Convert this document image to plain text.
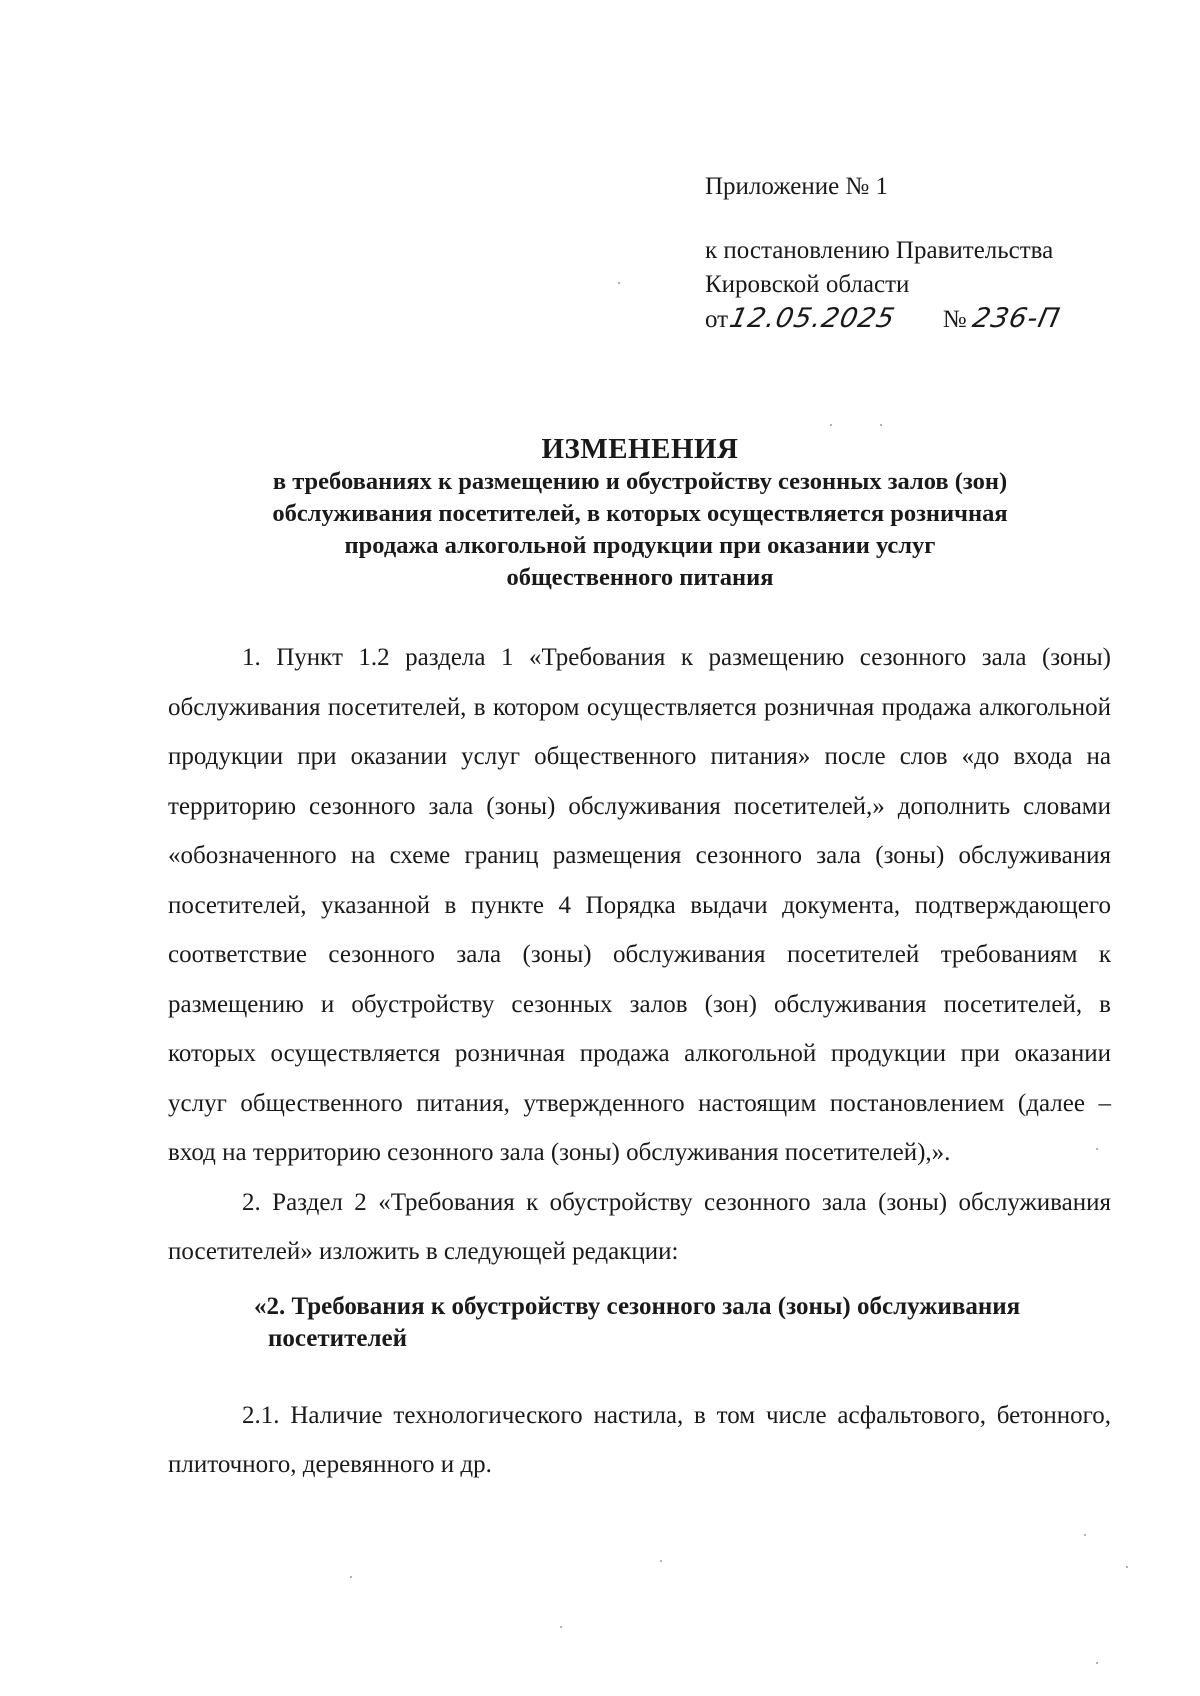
Приложение № 1
к постановлению Правительства
Кировской области
от12.05.2025 № 236-П
ИЗМЕНЕНИЯ
в требованиях к размещению и обустройству сезонных залов (зон)
обслуживания посетителей, в которых осуществляется розничная
продажа алкогольной продукции при оказании услуг
общественного питания

1. Пункт 1.2 раздела 1 «Требования к размещению сезонного зала (зоны) обслуживания посетителей, в котором осуществляется розничная продажа алкогольной продукции при оказании услуг общественного питания» после слов «до входа на территорию сезонного зала (зоны) обслуживания посетителей,» дополнить словами «обозначенного на схеме границ размещения сезонного зала (зоны) обслуживания посетителей, указанной в пункте 4 Порядка выдачи документа, подтверждающего соответствие сезонного зала (зоны) обслуживания посетителей требованиям к размещению и обустройству сезонных залов (зон) обслуживания посетителей, в которых осуществляется розничная продажа алкогольной продукции при оказании услуг общественного питания, утвержденного настоящим постановлением (далее – вход на территорию сезонного зала (зоны) обслуживания посетителей),».

2. Раздел 2 «Требования к обустройству сезонного зала (зоны) обслуживания посетителей» изложить в следующей редакции:

«2. Требования к обустройству сезонного зала (зоны) обслуживания посетителей

2.1. Наличие технологического настила, в том числе асфальтового, бетонного, плиточного, деревянного и др.
